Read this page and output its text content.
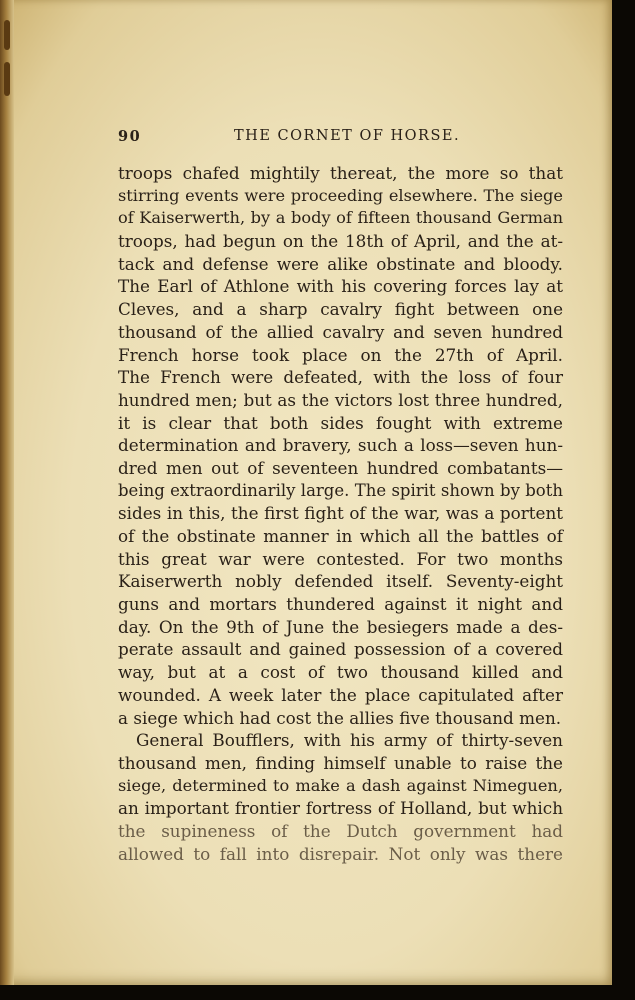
90	THE CORNET OF HORSE.
troops chafed mightily thereat, the more so that
stirring events were proceeding elsewhere. The siege
of Kaiserwerth, by a body of fifteen thousand German
troops, had begun on the 18th of April, and the at-
tack and defense were alike obstinate and bloody.
The Earl of Athlone with his covering forces lay at
Cleves, and a sharp cavalry fight between one
thousand of the allied cavalry and seven hundred
French horse took place on the 27th of April.
The French were defeated, with the loss of four
hundred men; but as the victors lost three hundred,
it is clear that both sides fought with extreme
determination and bravery, such a loss—seven hun-
dred men out of seventeen hundred combatants—
being extraordinarily large. The spirit shown by both
sides in this, the first fight of the war, was a portent
of the obstinate manner in which all the battles of
this great war were contested. For two months
Kaiserwerth nobly defended itself. Seventy-eight
guns and mortars thundered against it night and
day. On the 9th of June the besiegers made a des-
perate assault and gained possession of a covered
way, but at a cost of two thousand killed and
wounded. A week later the place capitulated after
a siege which had cost the allies five thousand men.
General Boufflers, with his army of thirty-seven
thousand men, finding himself unable to raise the
siege, determined to make a dash against Nimeguen,
an important frontier fortress of Holland, but which
the supineness of the Dutch government had
allowed to fall into disrepair. Not only was there
